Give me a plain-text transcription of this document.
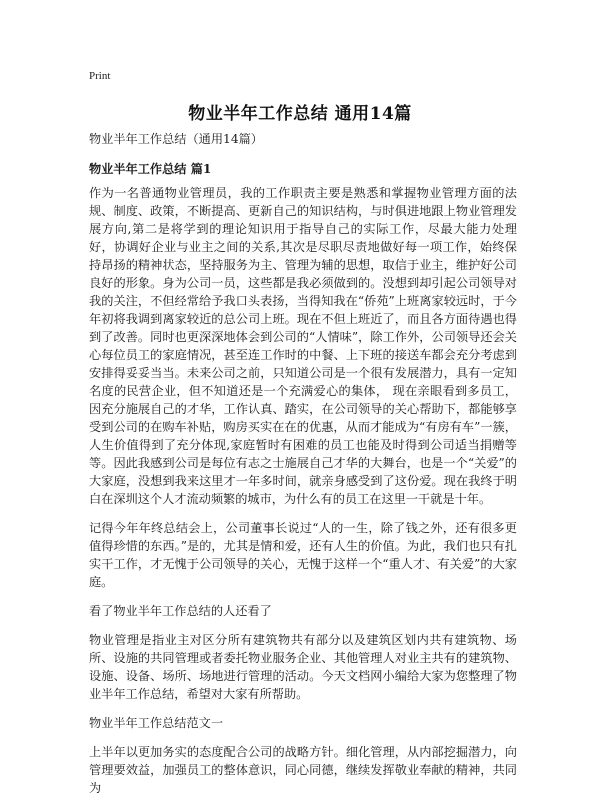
Print
物业半年工作总结 通用14篇

物业半年工作总结（通用14篇）

物业半年工作总结 篇1

作为一名普通物业管理员，我的工作职责主要是熟悉和掌握物业管理方面的法规、制度、政策，不断提高、更新自己的知识结构，与时俱进地跟上物业管理发展方向,第二是将学到的理论知识用于指导自己的实际工作，尽最大能力处理好，协调好企业与业主之间的关系,其次是尽职尽责地做好每一项工作，始终保持昂扬的精神状态，坚持服务为主、管理为辅的思想，取信于业主，维护好公司良好的形象。身为公司一员，这些都是我必须做到的。没想到却引起公司领导对我的关注，不但经常给予我口头表扬，当得知我在“侨苑”上班离家较远时，于今年初将我调到离家较近的总公司上班。现在不但上班近了，而且各方面待遇也得到了改善。同时也更深深地体会到公司的“人情味”，除工作外，公司领导还会关心每位员工的家庭情况，甚至连工作时的中餐、上下班的接送车都会充分考虑到安排得妥妥当当。未来公司之前，只知道公司是一个很有发展潜力，具有一定知名度的民营企业，但不知道还是一个充满爱心的集体， 现在亲眼看到多员工，因充分施展自己的才华，工作认真、踏实，在公司领导的关心帮助下，都能够享受到公司的在购车补贴，购房买实在在的优惠，从而才能成为“有房有车”一簇，人生价值得到了充分体现,家庭暂时有困难的员工也能及时得到公司适当捐赠等等。因此我感到公司是每位有志之士施展自己才华的大舞台，也是一个“关爱”的大家庭，没想到我来这里才一年多时间，就亲身感受到了这份爱。现在我终于明白在深圳这个人才流动频繁的城市，为什么有的员工在这里一干就是十年。

记得今年年终总结会上，公司董事长说过“人的一生，除了钱之外，还有很多更值得珍惜的东西。”是的，尤其是情和爱，还有人生的价值。为此，我们也只有扎实干工作，才无愧于公司领导的关心，无愧于这样一个“重人才、有关爱”的大家庭。

看了物业半年工作总结的人还看了

物业管理是指业主对区分所有建筑物共有部分以及建筑区划内共有建筑物、场所、设施的共同管理或者委托物业服务企业、其他管理人对业主共有的建筑物、设施、设备、场所、场地进行管理的活动。今天文档网小编给大家为您整理了物业半年工作总结，希望对大家有所帮助。

物业半年工作总结范文一

上半年以更加务实的态度配合公司的战略方针。细化管理，从内部挖掘潜力，向管理要效益，加强员工的整体意识，同心同德，继续发挥敬业奉献的精神，共同为
